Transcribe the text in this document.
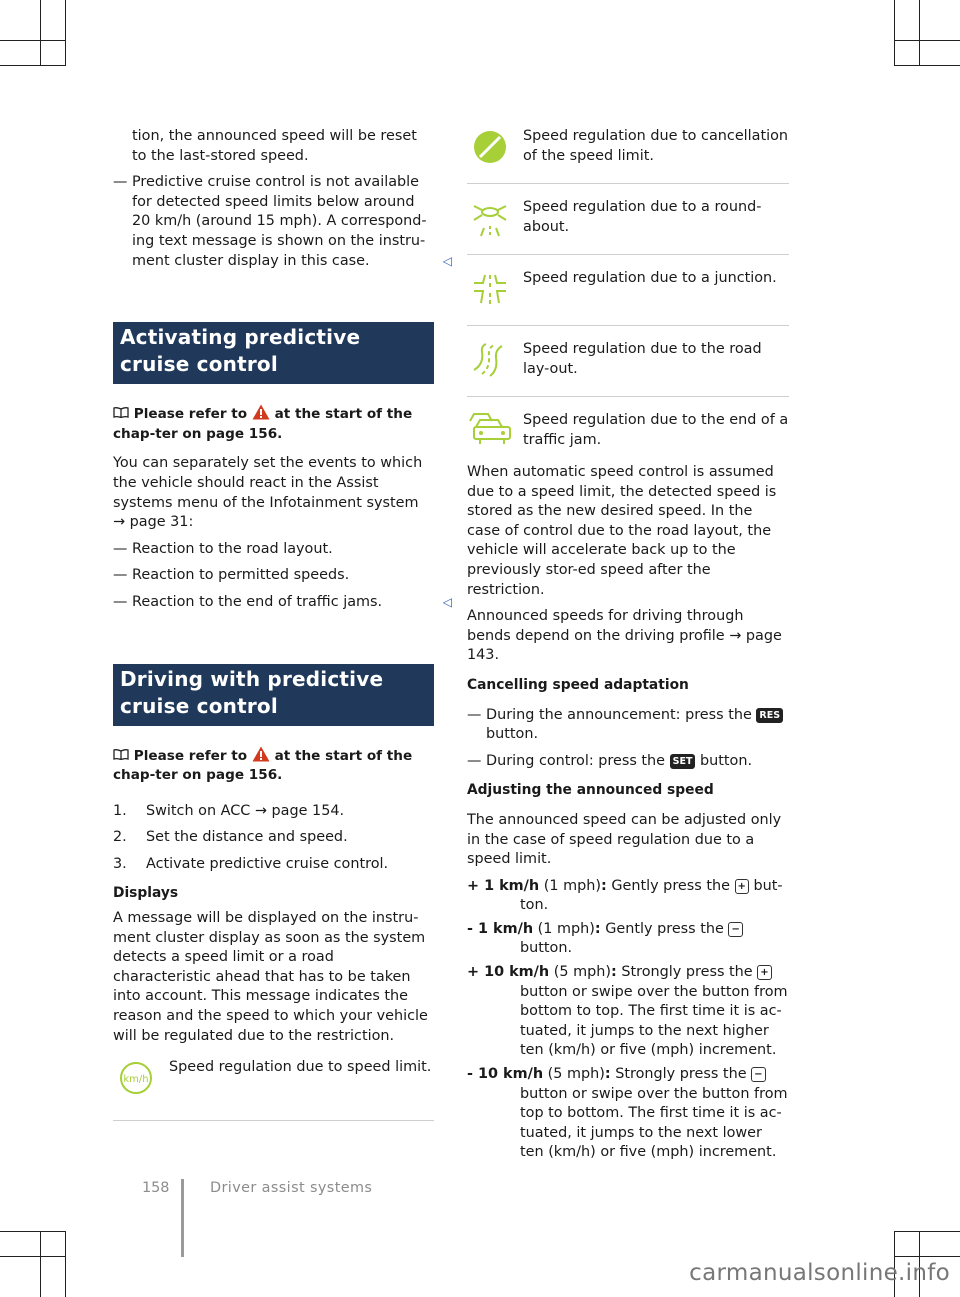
tion, the announced speed will be reset to the last-stored speed.

— Predictive cruise control is not available for detected speed limits below around 20 km/h (around 15 mph). A correspond-ing text message is shown on the instru-ment cluster display in this case.	◁
Activating predictive cruise control
Please refer to at the start of the chap-ter on page 156.

You can separately set the events to which the vehicle should react in the Assist systems menu of the Infotainment system → page 31:

— Reaction to the road layout.
— Reaction to permitted speeds.
— Reaction to the end of traffic jams.	◁
Driving with predictive cruise control
Please refer to at the start of the chap-ter on page 156.
1. Switch on ACC → page 154.
2. Set the distance and speed.
3. Activate predictive cruise control.
Displays

A message will be displayed on the instru-ment cluster display as soon as the system detects a speed limit or a road characteristic ahead that has to be taken into account. This message indicates the reason and the speed to which your vehicle will be regulated due to the restriction.

km/h
Speed regulation due to speed limit.
Speed regulation due to cancellation of the speed limit.
Speed regulation due to a round-about.
Speed regulation due to a junction.
Speed regulation due to the road lay-out.
Speed regulation due to the end of a traffic jam.

When automatic speed control is assumed due to a speed limit, the detected speed is stored as the new desired speed. In the case of control due to the road layout, the vehicle will accelerate back up to the previously stor-ed speed after the restriction.

Announced speeds for driving through bends depend on the driving profile → page 143.

Cancelling speed adaptation
— During the announcement: press the RES button.
— During control: press the SET button.
Adjusting the announced speed

The announced speed can be adjusted only in the case of speed regulation due to a speed limit.

+ 1 km/h (1 mph): Gently press the + but-ton.
- 1 km/h (1 mph): Gently press the − button.
+ 10 km/h (5 mph): Strongly press the + button or swipe over the button from bottom to top. The first time it is ac-tuated, it jumps to the next higher ten (km/h) or five (mph) increment.
- 10 km/h (5 mph): Strongly press the − button or swipe over the button from top to bottom. The first time it is ac-tuated, it jumps to the next lower ten (km/h) or five (mph) increment.
158	Driver assist systems
carmanualsonline.info
